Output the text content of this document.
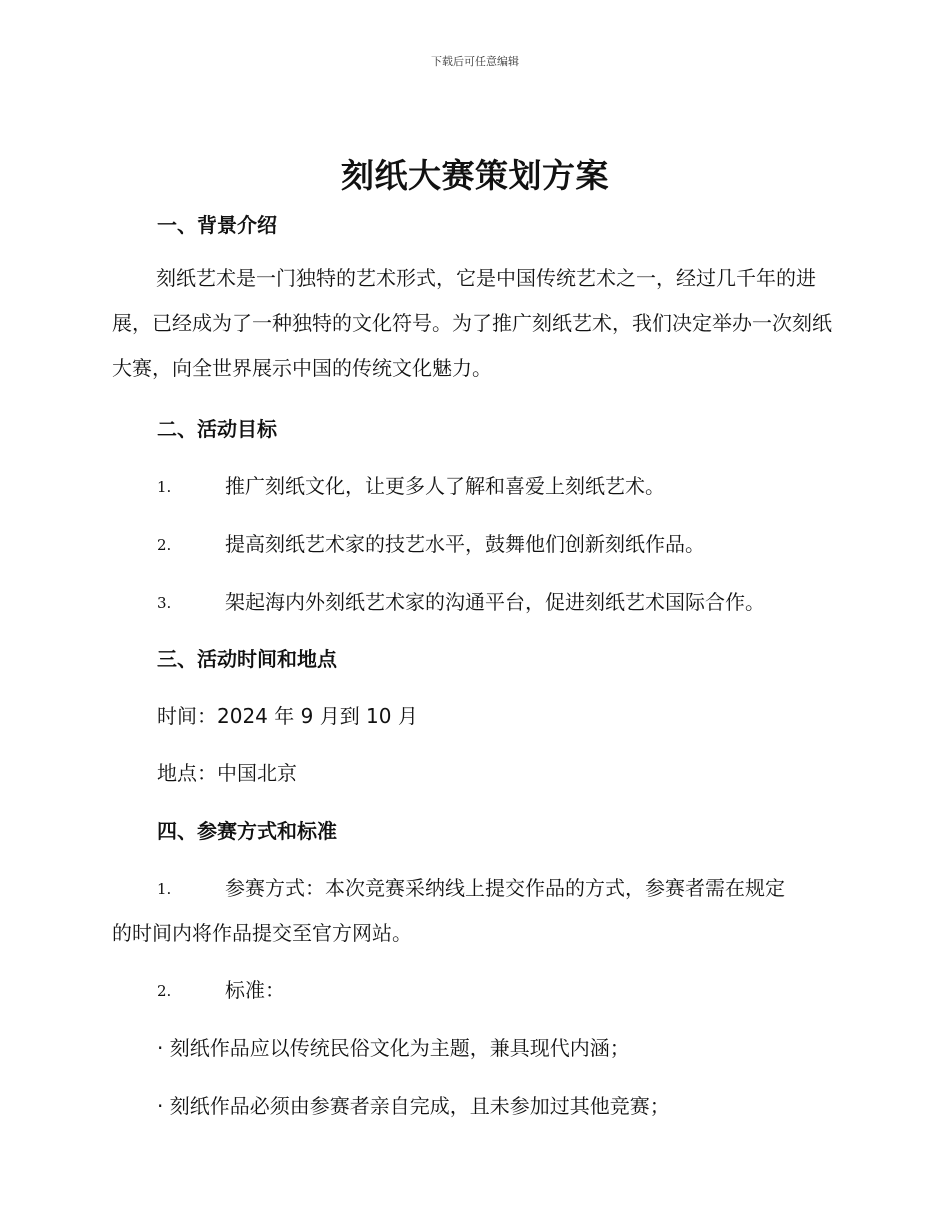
下载后可任意编辑
刻纸大赛策划方案
一、背景介绍
刻纸艺术是一门独特的艺术形式，它是中国传统艺术之一，经过几千年的进展，已经成为了一种独特的文化符号。为了推广刻纸艺术，我们决定举办一次刻纸大赛，向全世界展示中国的传统文化魅力。
二、活动目标
1.	推广刻纸文化，让更多人了解和喜爱上刻纸艺术。
2.	提高刻纸艺术家的技艺水平，鼓舞他们创新刻纸作品。
3.	架起海内外刻纸艺术家的沟通平台，促进刻纸艺术国际合作。
三、活动时间和地点
时间：2024 年 9 月到 10 月
地点：中国北京
四、参赛方式和标准
1.	参赛方式：本次竞赛采纳线上提交作品的方式，参赛者需在规定
的时间内将作品提交至官方网站。
2.	标准：
· 刻纸作品应以传统民俗文化为主题，兼具现代内涵；
· 刻纸作品必须由参赛者亲自完成，且未参加过其他竞赛；
